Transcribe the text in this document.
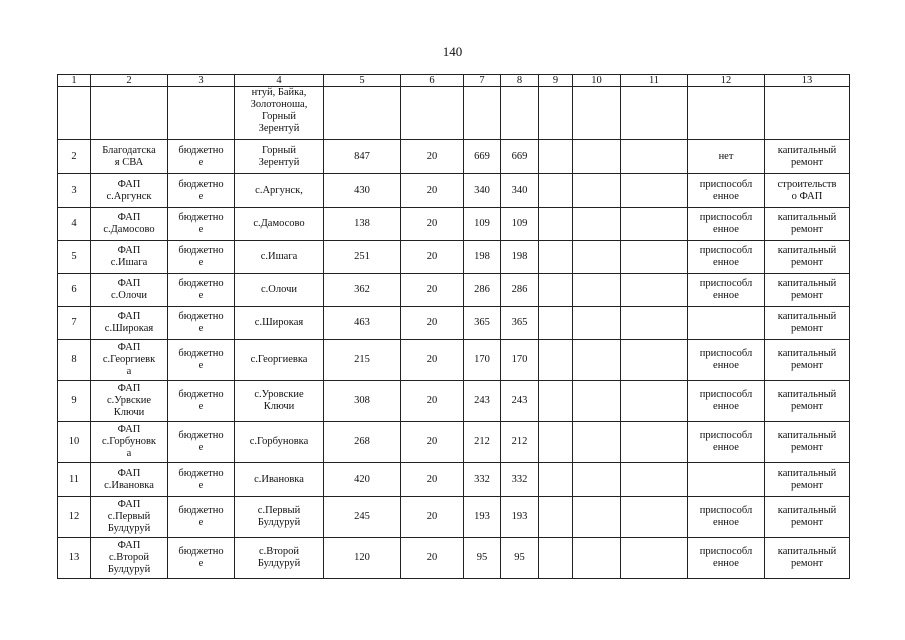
140
1	2	3	4	5	6	7	8	9	10	11	12	13
			нтуй, Байка,
Золотоноша,
Горный
Зерентуй									
2	Благодатска
я СВА	бюджетно
е	Горный
Зерентуй	847	20	669	669				нет	капитальный
ремонт
3	ФАП
с.Аргунск	бюджетно
е	с.Аргунск,	430	20	340	340				приспособл
енное	строительств
о ФАП
4	ФАП
с.Дамосово	бюджетно
е	с.Дамосово	138	20	109	109				приспособл
енное	капитальный
ремонт
5	ФАП
с.Ишага	бюджетно
е	с.Ишага	251	20	198	198				приспособл
енное	капитальный
ремонт
6	ФАП
с.Олочи	бюджетно
е	с.Олочи	362	20	286	286				приспособл
енное	капитальный
ремонт
7	ФАП
с.Широкая	бюджетно
е	с.Широкая	463	20	365	365					капитальный
ремонт
8	ФАП
с.Георгиевк
а	бюджетно
е	с.Георгиевка	215	20	170	170				приспособл
енное	капитальный
ремонт
9	ФАП
с.Урвские
Ключи	бюджетно
е	с.Уровские
Ключи	308	20	243	243				приспособл
енное	капитальный
ремонт
10	ФАП
с.Горбуновк
а	бюджетно
е	с.Горбуновка	268	20	212	212				приспособл
енное	капитальный
ремонт
11	ФАП
с.Ивановка	бюджетно
е	с.Ивановка	420	20	332	332					капитальный
ремонт
12	ФАП
с.Первый
Булдуруй	бюджетно
е	с.Первый
Булдуруй	245	20	193	193				приспособл
енное	капитальный
ремонт
13	ФАП
с.Второй
Булдуруй	бюджетно
е	с.Второй
Булдуруй	120	20	95	95				приспособл
енное	капитальный
ремонт
